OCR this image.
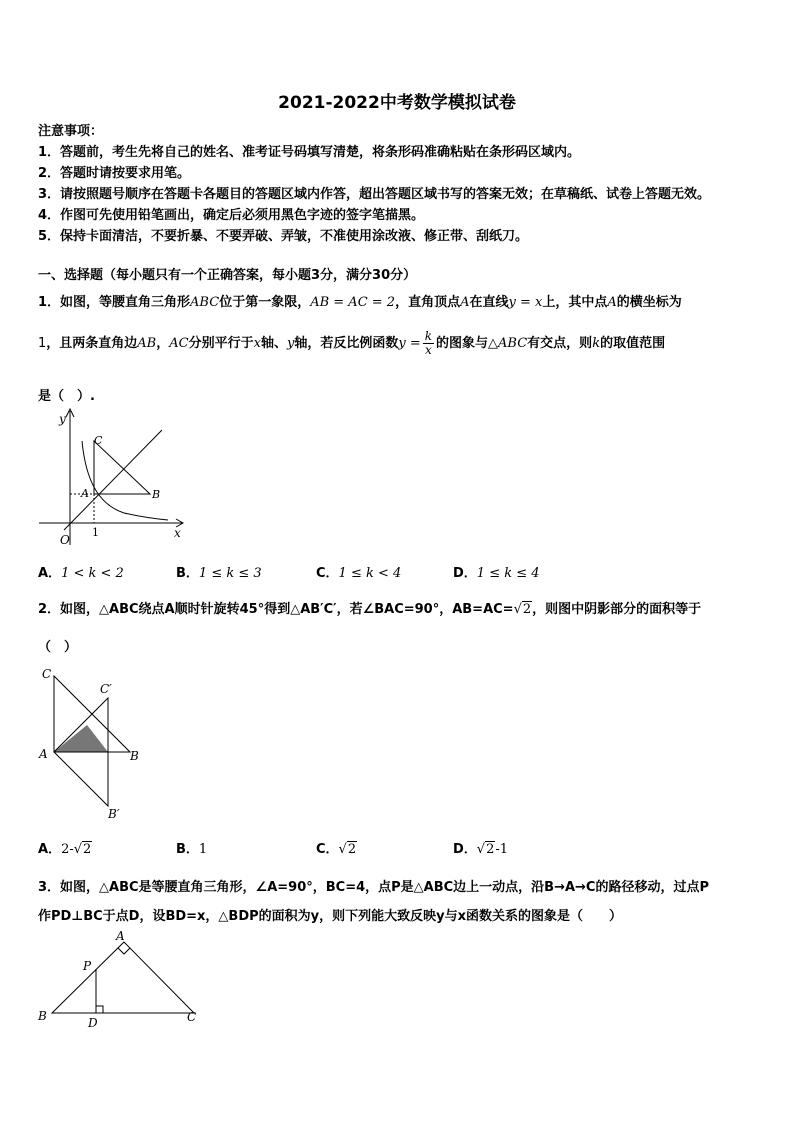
2021-2022中考数学模拟试卷
注意事项：
1．答题前，考生先将自己的姓名、准考证号码填写清楚，将条形码准确粘贴在条形码区域内。
2．答题时请按要求用笔。
3．请按照题号顺序在答题卡各题目的答题区域内作答，超出答题区域书写的答案无效；在草稿纸、试卷上答题无效。
4．作图可先使用铅笔画出，确定后必须用黑色字迹的签字笔描黑。
5．保持卡面清洁，不要折暴、不要弄破、弄皱，不准使用涂改液、修正带、刮纸刀。
一、选择题（每小题只有一个正确答案，每小题3分，满分30分）
1．如图，等腰直角三角形ABC位于第一象限，AB = AC = 2，直角顶点A在直线y = x上，其中点A的横坐标为
1，且两条直角边AB，AC分别平行于x轴、y轴，若反比例函数$y = \frac{k}{x}$ 的图象与△ABC有交点，则k的取值范围
是（　）.
y
x
O
1
A	B
C
A．1 < k < 2	B．1 ≤ k ≤ 3	C．1 ≤ k < 4	D．1 ≤ k ≤ 4
2．如图，△ABC绕点A顺时针旋转45°得到△AB′C′，若∠BAC=90°，AB=AC=√2，则图中阴影部分的面积等于
（　）
C
C′
A	B
B′
A．2-√2	B．1	C．√2	D．√2-1
3．如图，△ABC是等腰直角三角形，∠A=90°，BC=4，点P是△ABC边上一动点，沿B→A→C的路径移动，过点P
作PD⊥BC于点D，设BD=x，△BDP的面积为y，则下列能大致反映y与x函数关系的图象是（　　）
A
P
B	D	C
